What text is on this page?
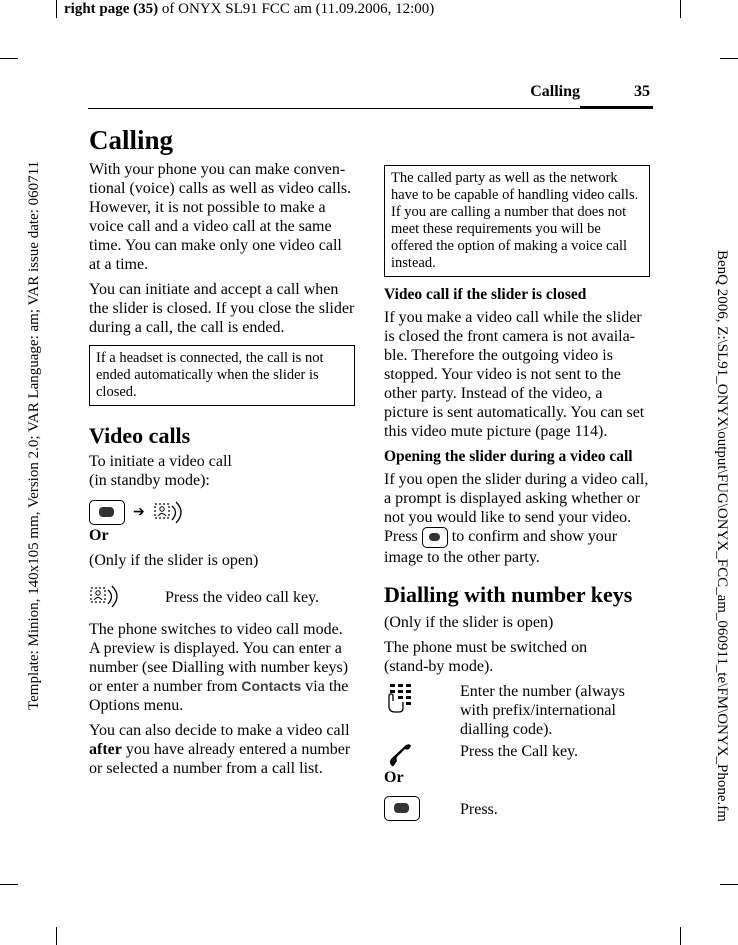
right page (35) of ONYX SL91 FCC am (11.09.2006, 12:00)
Template: Minion, 140x105 mm, Version 2.0; VAR Language: am; VAR issue date: 060711	BenQ 2006, Z:\SL91_ONYX\output\FUG\ONYX_FCC_am_060911_te\FM\ONYX_Phone.fm
Calling	35
Calling

With your phone you can make conven-tional (voice) calls as well as video calls. However, it is not possible to make a voice call and a video call at the same time. You can make only one video call at a time.

You can initiate and accept a call when the slider is closed. If you close the slider during a call, the call is ended.

If a headset is connected, the call is not ended automatically when the slider is closed.
Video calls

To initiate a video call (in standby mode):

➔

Or

(Only if the slider is open)

Press the video call key.

The phone switches to video call mode. A preview is displayed. You can enter a number (see Dialling with number keys) or enter a number from Contacts via the Options menu.

You can also decide to make a video call after you have already entered a number or selected a number from a call list.

The called party as well as the network have to be capable of handling video calls. If you are calling a number that does not meet these requirements you will be offered the option of making a voice call instead.
Video call if the slider is closed

If you make a video call while the slider is closed the front camera is not availa-ble. Therefore the outgoing video is stopped. Your video is not sent to the other party. Instead of the video, a picture is sent automatically. You can set this video mute picture (page 114).

Opening the slider during a video call

If you open the slider during a video call, a prompt is displayed asking whether or not you would like to send your video. Press to confirm and show your image to the other party.

Dialling with number keys

(Only if the slider is open)

The phone must be switched on (stand-by mode).

Enter the number (always with prefix/international dialling code).
Press the Call key.
Or
Press.
